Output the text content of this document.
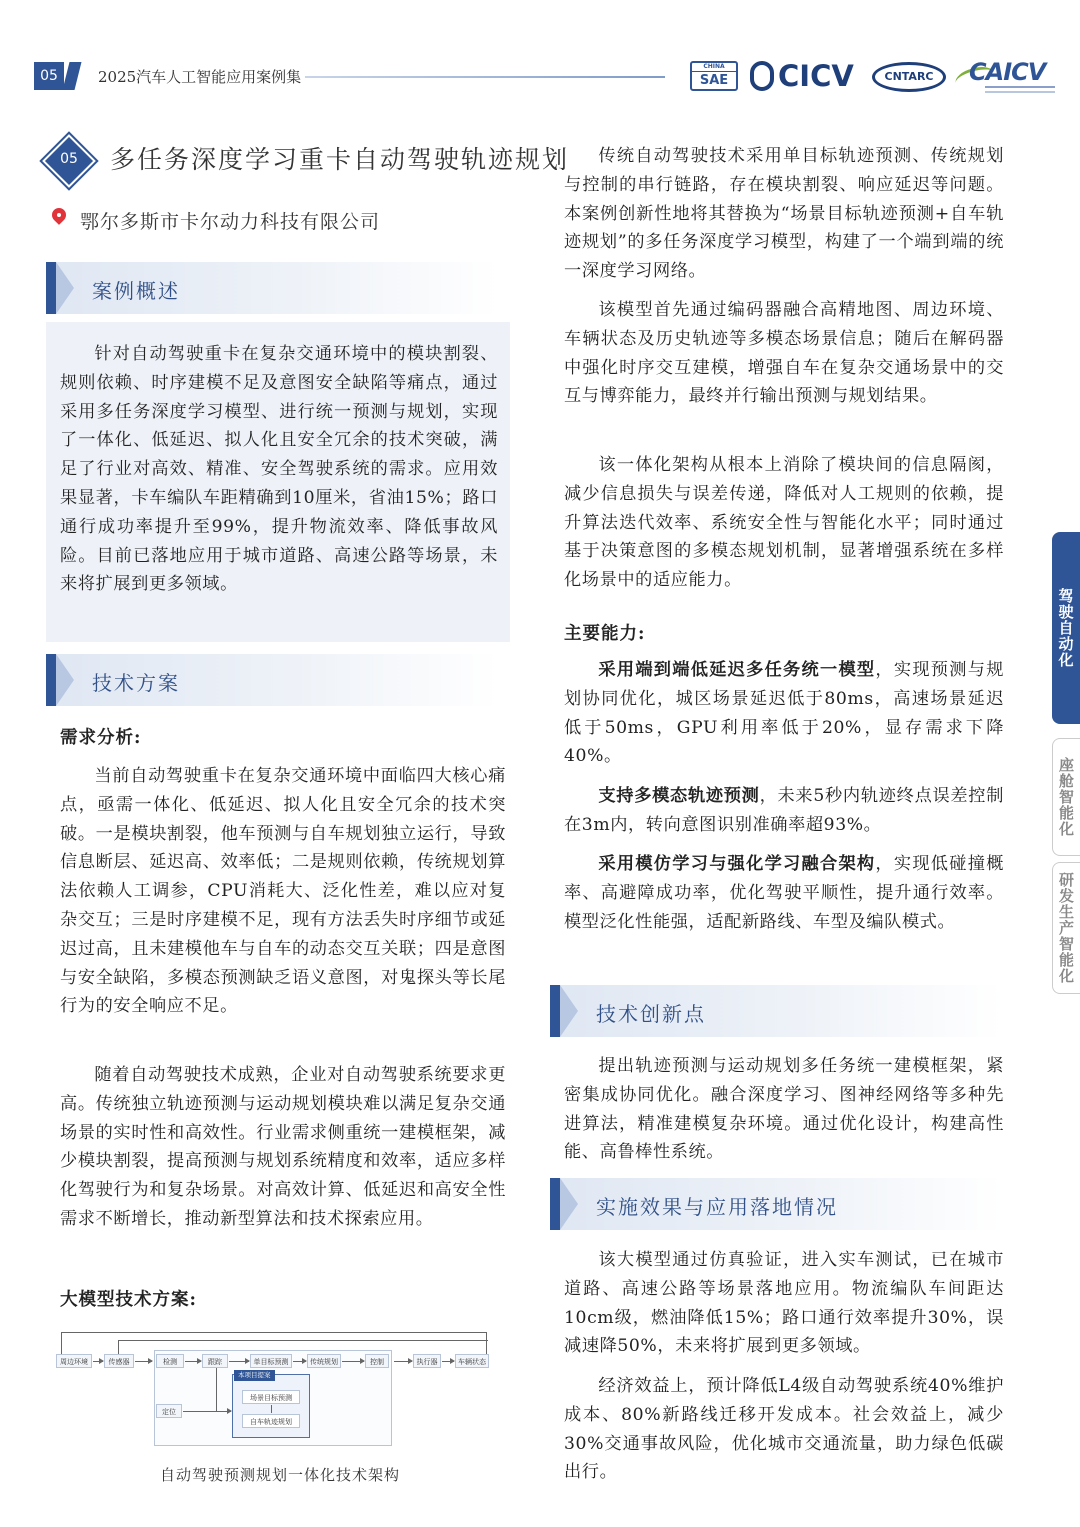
05	2025汽车人工智能应用案例集
CHINA
SAE CICV	CNTARC	CAICV
驾驶自动化
座舱智能化
研发生产智能化
05	多任务深度学习重卡自动驾驶轨迹规划
鄂尔多斯市卡尔动力科技有限公司
案例概述

针对自动驾驶重卡在复杂交通环境中的模块割裂、规则依赖、时序建模不足及意图安全缺陷等痛点，通过采用多任务深度学习模型、进行统一预测与规划，实现了一体化、低延迟、拟人化且安全冗余的技术突破，满足了行业对高效、精准、安全驾驶系统的需求。应用效果显著，卡车编队车距精确到10厘米，省油15%；路口通行成功率提升至99%，提升物流效率、降低事故风险。目前已落地应用于城市道路、高速公路等场景，未来将扩展到更多领域。

技术方案
需求分析:

当前自动驾驶重卡在复杂交通环境中面临四大核心痛点，亟需一体化、低延迟、拟人化且安全冗余的技术突破。一是模块割裂，他车预测与自车规划独立运行，导致信息断层、延迟高、效率低；二是规则依赖，传统规划算法依赖人工调参，CPU消耗大、泛化性差，难以应对复杂交互；三是时序建模不足，现有方法丢失时序细节或延迟过高，且未建模他车与自车的动态交互关联；四是意图与安全缺陷，多模态预测缺乏语义意图，对鬼探头等长尾行为的安全响应不足。

随着自动驾驶技术成熟，企业对自动驾驶系统要求更高。传统独立轨迹预测与运动规划模块难以满足复杂交通场景的实时性和高效性。行业需求侧重统一建模框架，减少模块割裂，提高预测与规划系统精度和效率，适应多样化驾驶行为和复杂场景。对高效计算、低延迟和高安全性需求不断增长，推动新型算法和技术探索应用。

大模型技术方案:
周边环境	传感器	检测	跟踪	单目标预测	传统规划	控制	执行器	车辆状态
定位
本项目提案
场景目标预测
自车轨迹规划
自动驾驶预测规划一体化技术架构

传统自动驾驶技术采用单目标轨迹预测、传统规划与控制的串行链路，存在模块割裂、响应延迟等问题。本案例创新性地将其替换为“场景目标轨迹预测+自车轨迹规划”的多任务深度学习模型，构建了一个端到端的统一深度学习网络。

该模型首先通过编码器融合高精地图、周边环境、车辆状态及历史轨迹等多模态场景信息；随后在解码器中强化时序交互建模，增强自车在复杂交通场景中的交互与博弈能力，最终并行输出预测与规划结果。

该一体化架构从根本上消除了模块间的信息隔阂，减少信息损失与误差传递，降低对人工规则的依赖，提升算法迭代效率、系统安全性与智能化水平；同时通过基于决策意图的多模态规划机制，显著增强系统在多样化场景中的适应能力。

主要能力:

采用端到端低延迟多任务统一模型，实现预测与规划协同优化，城区场景延迟低于80ms，高速场景延迟低于50ms，GPU利用率低于20%，显存需求下降40%。

支持多模态轨迹预测，未来5秒内轨迹终点误差控制在3m内，转向意图识别准确率超93%。

采用模仿学习与强化学习融合架构，实现低碰撞概率、高避障成功率，优化驾驶平顺性，提升通行效率。模型泛化性能强，适配新路线、车型及编队模式。

技术创新点

提出轨迹预测与运动规划多任务统一建模框架，紧密集成协同优化。融合深度学习、图神经网络等多种先进算法，精准建模复杂环境。通过优化设计，构建高性能、高鲁棒性系统。

实施效果与应用落地情况

该大模型通过仿真验证，进入实车测试，已在城市道路、高速公路等场景落地应用。物流编队车间距达10cm级，燃油降低15%；路口通行效率提升30%，误减速降50%，未来将扩展到更多领域。

经济效益上，预计降低L4级自动驾驶系统40%维护成本、80%新路线迁移开发成本。社会效益上，减少30%交通事故风险，优化城市交通流量，助力绿色低碳出行。
